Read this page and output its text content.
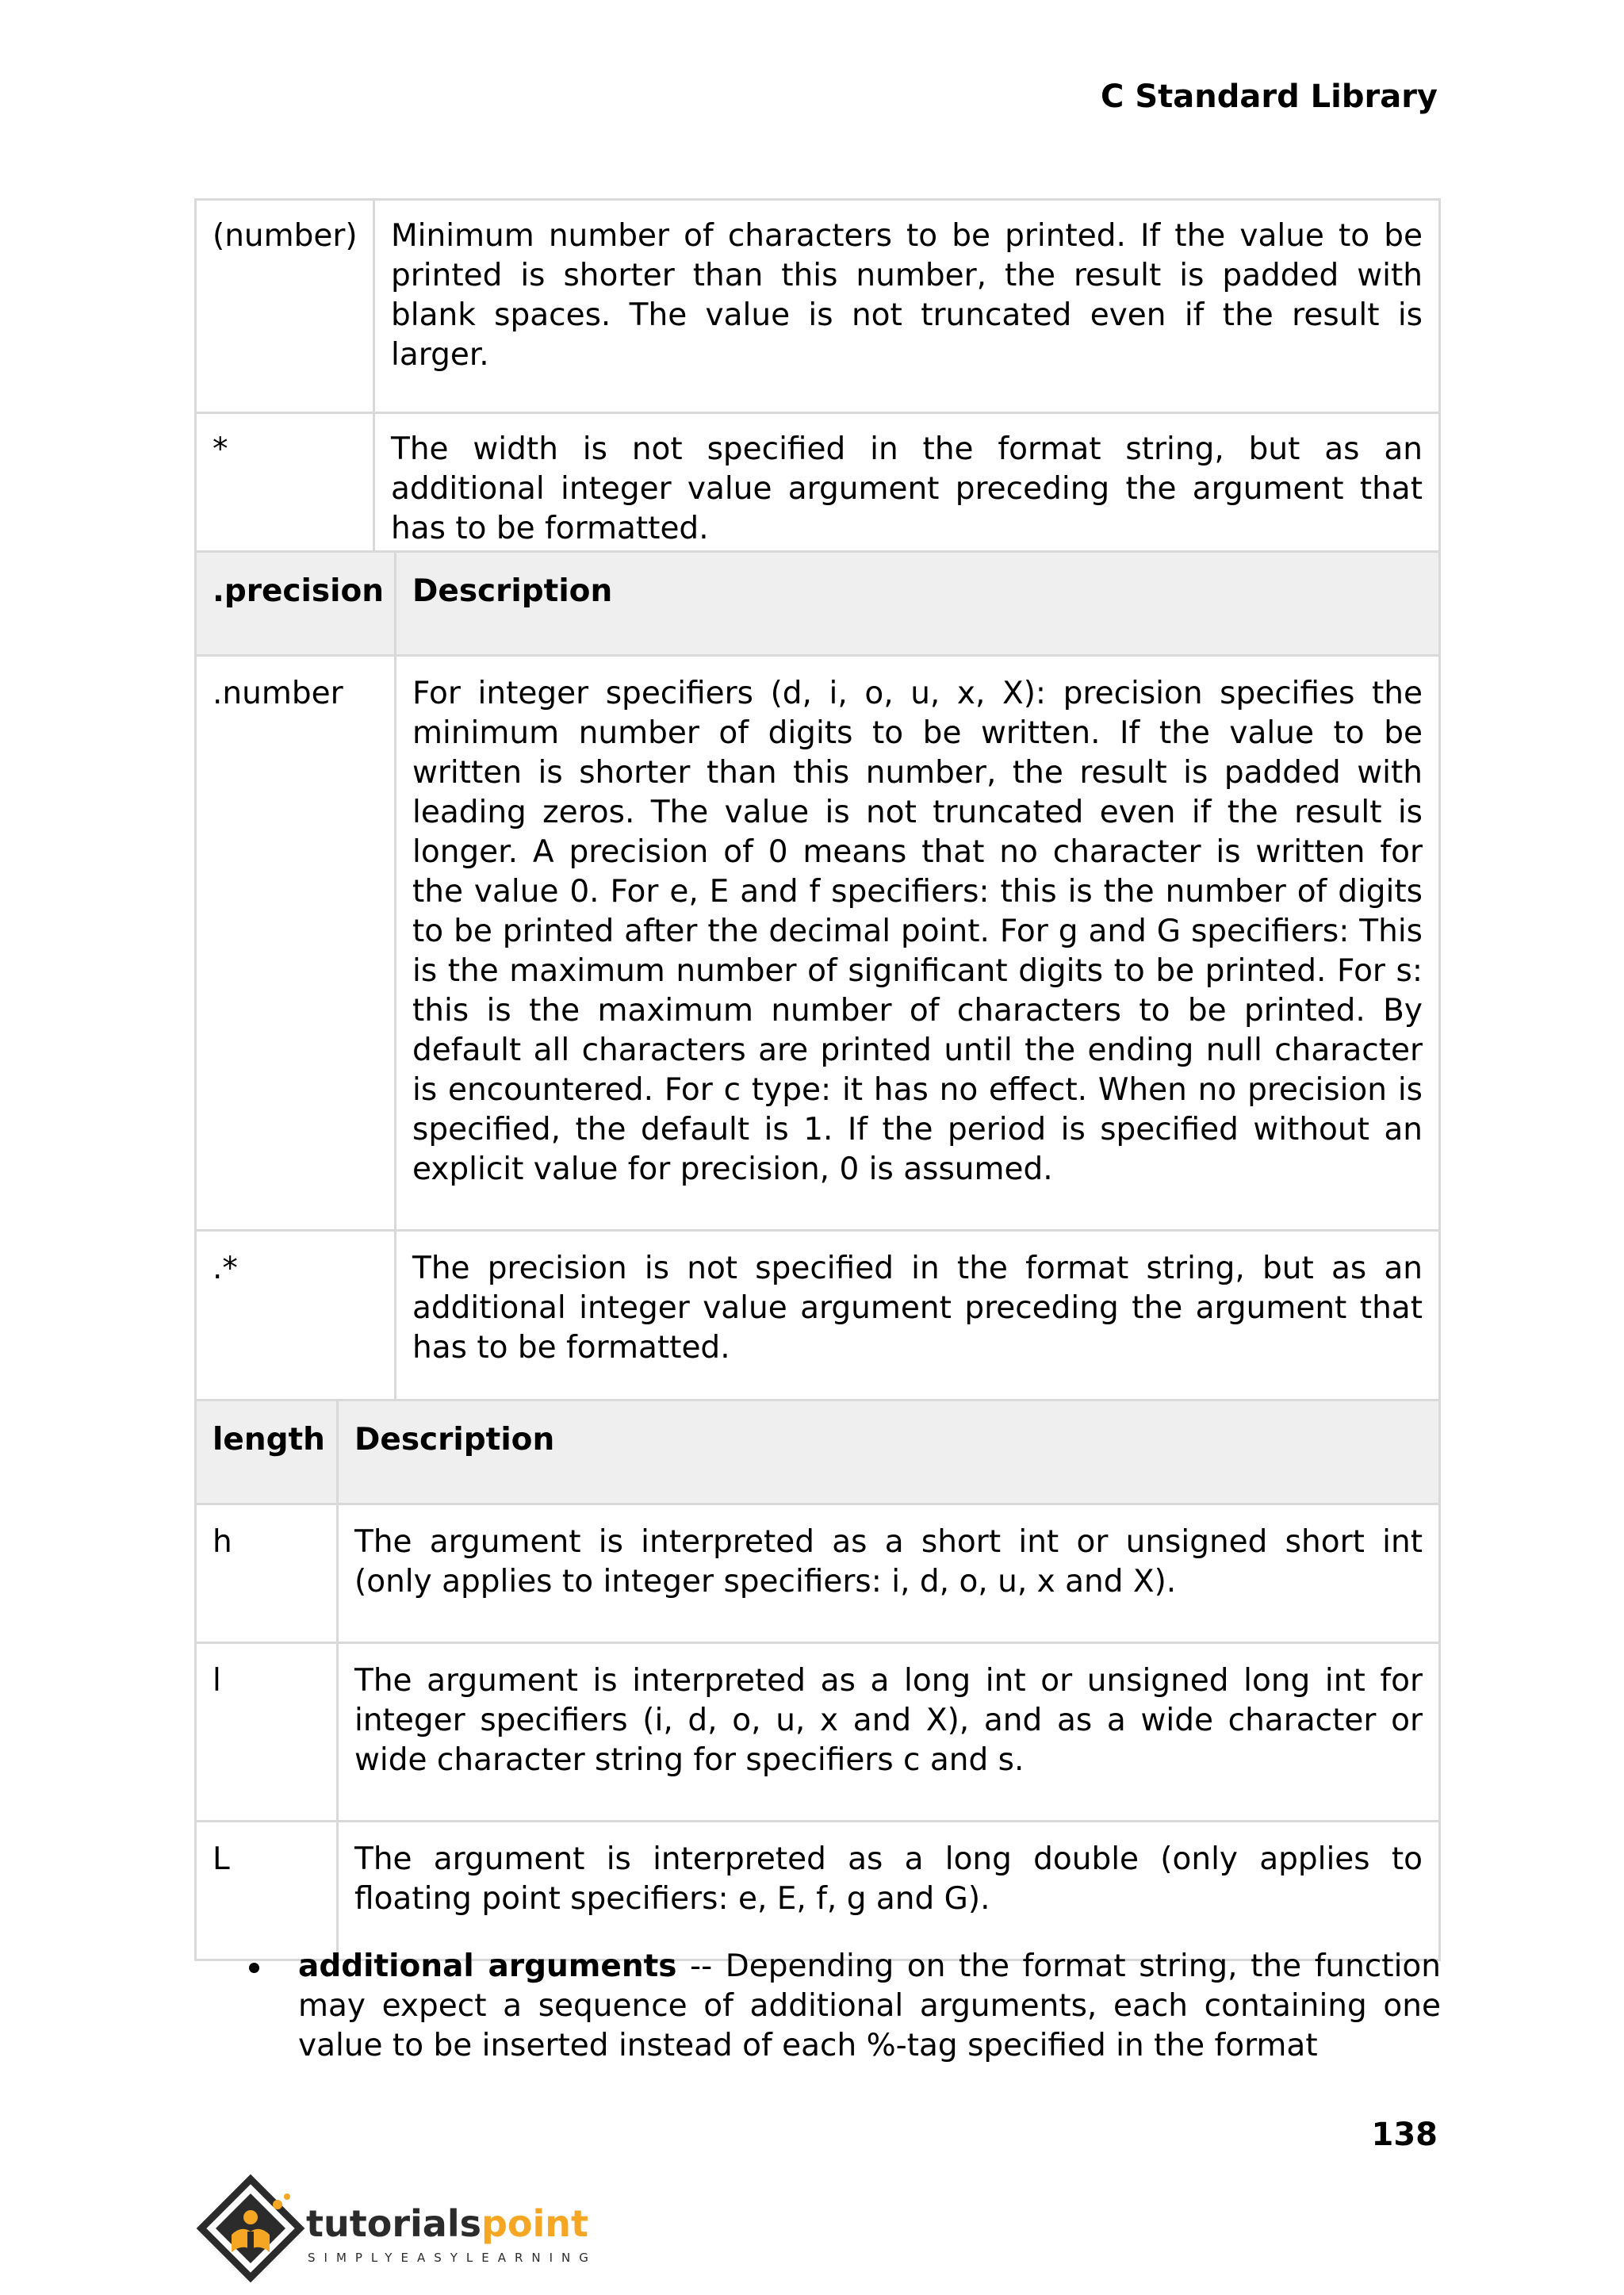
C Standard Library
(number)	Minimum number of characters to be printed. If the value to be printed is shorter than this number, the result is padded with blank spaces. The value is not truncated even if the result is larger.
*	The width is not specified in the format string, but as an additional integer value argument preceding the argument that has to be formatted.
.precision	Description
.number	For integer specifiers (d, i, o, u, x, X): precision specifies the minimum number of digits to be written. If the value to be written is shorter than this number, the result is padded with leading zeros. The value is not truncated even if the result is longer. A precision of 0 means that no character is written for the value 0. For e, E and f specifiers: this is the number of digits to be printed after the decimal point. For g and G specifiers: This is the maximum number of significant digits to be printed. For s: this is the maximum number of characters to be printed. By default all characters are printed until the ending null character is encountered. For c type: it has no effect. When no precision is specified, the default is 1. If the period is specified without an explicit value for precision, 0 is assumed.
.*	The precision is not specified in the format string, but as an additional integer value argument preceding the argument that has to be formatted.
length	Description
h	The argument is interpreted as a short int or unsigned short int (only applies to integer specifiers: i, d, o, u, x and X).
l	The argument is interpreted as a long int or unsigned long int for integer specifiers (i, d, o, u, x and X), and as a wide character or wide character string for specifiers c and s.
L	The argument is interpreted as a long double (only applies to floating point specifiers: e, E, f, g and G).
additional arguments -- Depending on the format string, the function may expect a sequence of additional arguments, each containing one value to be inserted instead of each %-tag specified in the format
138
tutorialspoint
SIMPLYEASYLEARNING
